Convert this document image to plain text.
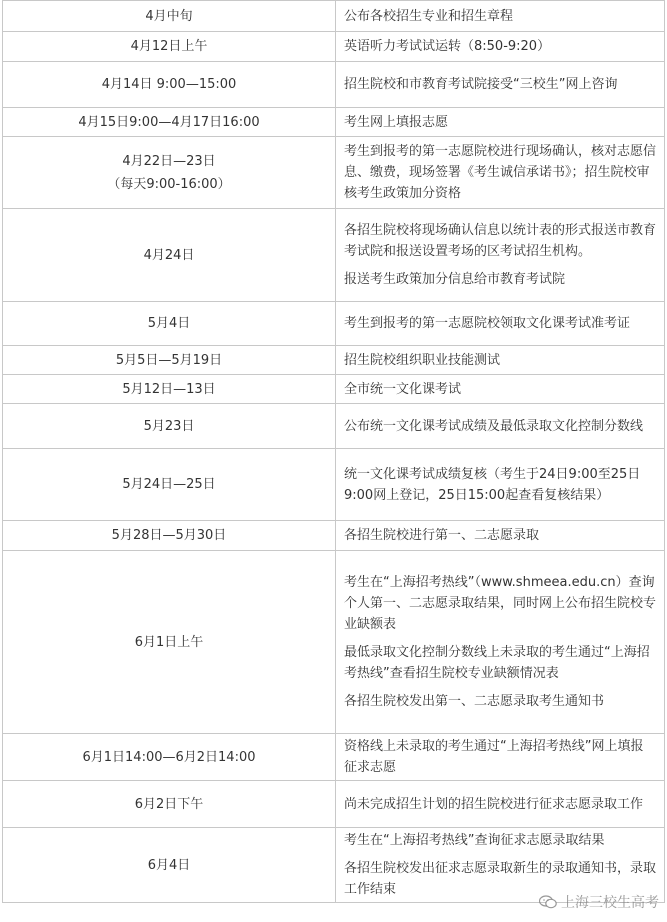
4月中旬	公布各校招生专业和招生章程

4月12日上午	英语听力考试试运转（8:50-9:20）

4月14日 9:00—15:00	招生院校和市教育考试院接受“三校生”网上咨询

4月15日9:00—4月17日16:00	考生网上填报志愿

4月22日—23日
（每天9:00-16:00）	考生到报考的第一志愿院校进行现场确认，核对志愿信息、缴费，现场签署《考生诚信承诺书》；招生院校审核考生政策加分资格

4月24日	各招生院校将现场确认信息以统计表的形式报送市教育考试院和报送设置考场的区考试招生机构。
报送考生政策加分信息给市教育考试院

5月4日	考生到报考的第一志愿院校领取文化课考试准考证

5月5日—5月19日	招生院校组织职业技能测试

5月12日—13日	全市统一文化课考试

5月23日	公布统一文化课考试成绩及最低录取文化控制分数线

5月24日—25日	统一文化课考试成绩复核（考生于24日9:00至25日9:00网上登记，25日15:00起查看复核结果）

5月28日—5月30日	各招生院校进行第一、二志愿录取

6月1日上午	考生在“上海招考热线”（www.shmeea.edu.cn）查询个人第一、二志愿录取结果，同时网上公布招生院校专业缺额表
最低录取文化控制分数线上未录取的考生通过“上海招考热线”查看招生院校专业缺额情况表
各招生院校发出第一、二志愿录取考生通知书

6月1日14:00—6月2日14:00	资格线上未录取的考生通过“上海招考热线”网上填报征求志愿

6月2日下午	尚未完成招生计划的招生院校进行征求志愿录取工作

6月4日	考生在“上海招考热线”查询征求志愿录取结果
各招生院校发出征求志愿录取新生的录取通知书，录取工作结束
上海三校生高考
